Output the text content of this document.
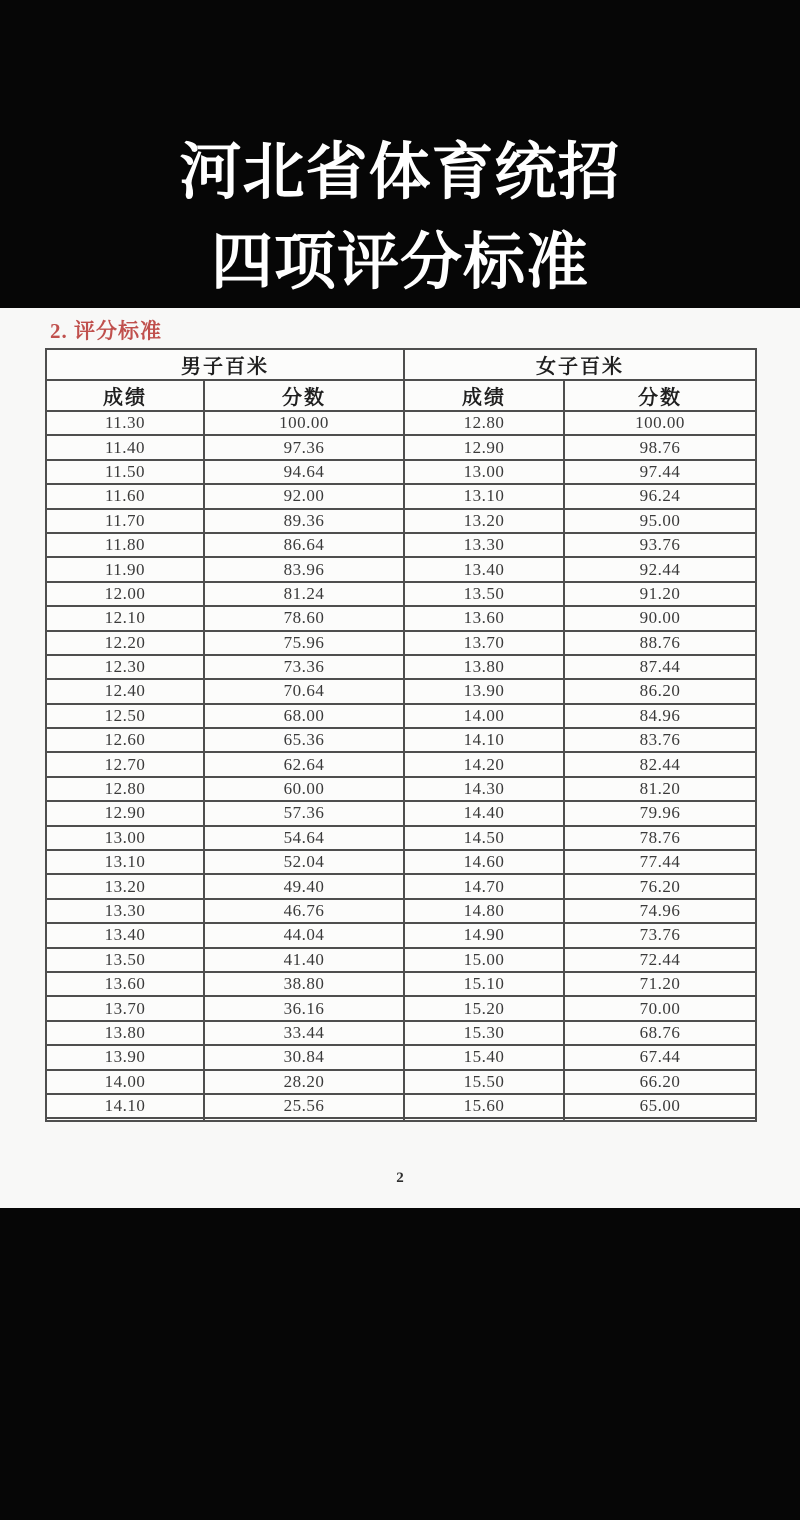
河北省体育统招
四项评分标准
2. 评分标准
男子百米		女子百米	
成绩	分数	成绩	分数
11.30	100.00	12.80	100.00
11.40	97.36	12.90	98.76
11.50	94.64	13.00	97.44
11.60	92.00	13.10	96.24
11.70	89.36	13.20	95.00
11.80	86.64	13.30	93.76
11.90	83.96	13.40	92.44
12.00	81.24	13.50	91.20
12.10	78.60	13.60	90.00
12.20	75.96	13.70	88.76
12.30	73.36	13.80	87.44
12.40	70.64	13.90	86.20
12.50	68.00	14.00	84.96
12.60	65.36	14.10	83.76
12.70	62.64	14.20	82.44
12.80	60.00	14.30	81.20
12.90	57.36	14.40	79.96
13.00	54.64	14.50	78.76
13.10	52.04	14.60	77.44
13.20	49.40	14.70	76.20
13.30	46.76	14.80	74.96
13.40	44.04	14.90	73.76
13.50	41.40	15.00	72.44
13.60	38.80	15.10	71.20
13.70	36.16	15.20	70.00
13.80	33.44	15.30	68.76
13.90	30.84	15.40	67.44
14.00	28.20	15.50	66.20
14.10	25.56	15.60	65.00

2
